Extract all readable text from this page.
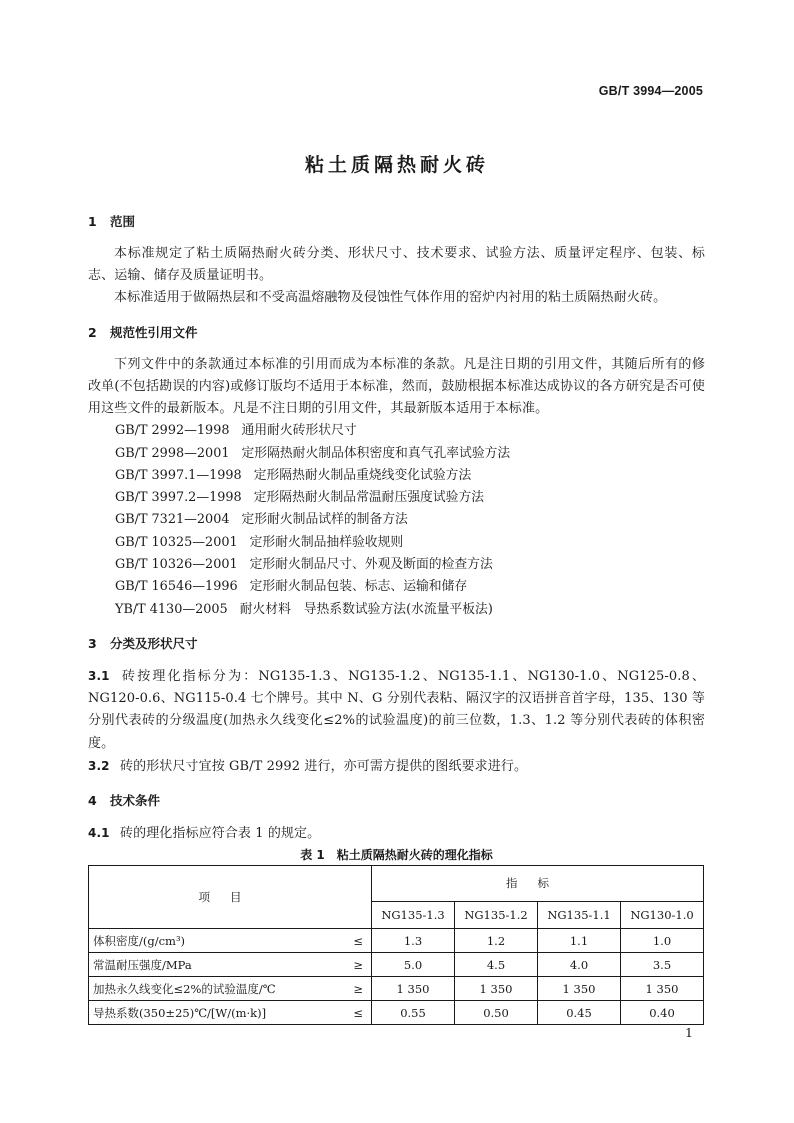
GB/T 3994—2005
粘土质隔热耐火砖

1 范围

本标准规定了粘土质隔热耐火砖分类、形状尺寸、技术要求、试验方法、质量评定程序、包装、标志、运输、储存及质量证明书。

本标准适用于做隔热层和不受高温熔融物及侵蚀性气体作用的窑炉内衬用的粘土质隔热耐火砖。

2 规范性引用文件

下列文件中的条款通过本标准的引用而成为本标准的条款。凡是注日期的引用文件，其随后所有的修改单(不包括勘误的内容)或修订版均不适用于本标准，然而，鼓励根据本标准达成协议的各方研究是否可使用这些文件的最新版本。凡是不注日期的引用文件，其最新版本适用于本标准。

GB/T 2992—1998 通用耐火砖形状尺寸

GB/T 2998—2001 定形隔热耐火制品体积密度和真气孔率试验方法

GB/T 3997.1—1998 定形隔热耐火制品重烧线变化试验方法

GB/T 3997.2—1998 定形隔热耐火制品常温耐压强度试验方法

GB/T 7321—2004 定形耐火制品试样的制备方法

GB/T 10325—2001 定形耐火制品抽样验收规则

GB/T 10326—2001 定形耐火制品尺寸、外观及断面的检查方法

GB/T 16546—1996 定形耐火制品包装、标志、运输和储存

YB/T 4130—2005 耐火材料　导热系数试验方法(水流量平板法)

3 分类及形状尺寸

3.1 砖按理化指标分为：NG135-1.3、NG135-1.2、NG135-1.1、NG130-1.0、NG125-0.8、NG120-0.6、NG115-0.4 七个牌号。其中 N、G 分别代表粘、隔汉字的汉语拼音首字母，135、130 等分别代表砖的分级温度(加热永久线变化≤2%的试验温度)的前三位数，1.3、1.2 等分别代表砖的体积密度。

3.2 砖的形状尺寸宜按 GB/T 2992 进行，亦可需方提供的图纸要求进行。

4 技术条件

4.1 砖的理化指标应符合表 1 的规定。

表 1　粘土质隔热耐火砖的理化指标

项目		指标			
		NG135-1.3	NG135-1.2	NG135-1.1	NG130-1.0
体积密度/(g/cm³)	≤	1.3	1.2	1.1	1.0
常温耐压强度/MPa	≥	5.0	4.5	4.0	3.5
加热永久线变化≤2%的试验温度/℃	≥	1 350	1 350	1 350	1 350
导热系数(350±25)℃/[W/(m·k)]	≤	0.55	0.50	0.45	0.40
1
